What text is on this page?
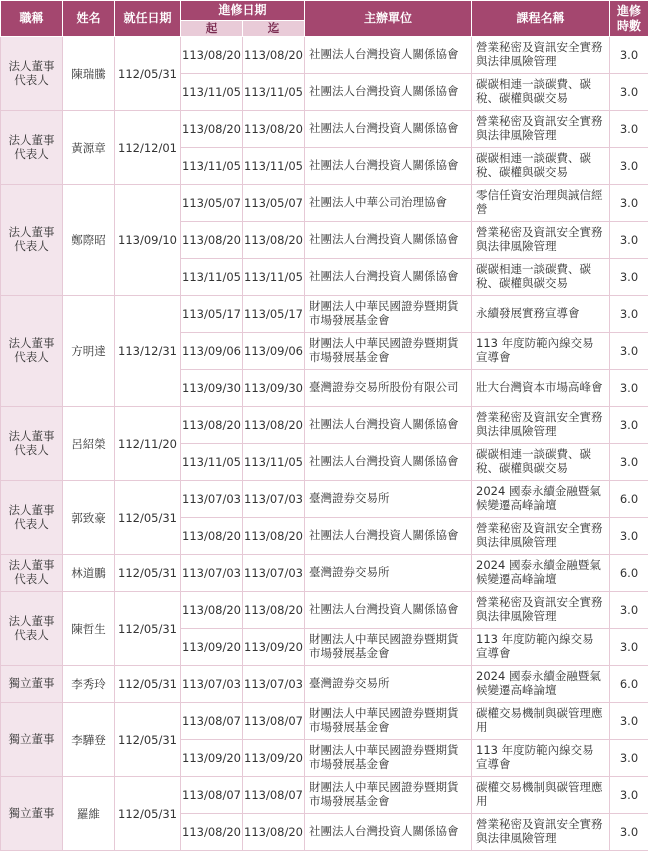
職稱	姓名	就任日期	進修日期		主辦單位	課程名稱	進修
時數
			起	迄			
法人董事
代表人	陳瑞騰	112/05/31	113/08/20	113/08/20	社團法人台灣投資人關係協會	營業秘密及資訊安全實務與法律風險管理	3.0
			113/11/05	113/11/05	社團法人台灣投資人關係協會	碳碳相連一談碳費、碳稅、碳權與碳交易	3.0
法人董事
代表人	黃源章	112/12/01	113/08/20	113/08/20	社團法人台灣投資人關係協會	營業秘密及資訊安全實務與法律風險管理	3.0
			113/11/05	113/11/05	社團法人台灣投資人關係協會	碳碳相連一談碳費、碳稅、碳權與碳交易	3.0
法人董事
代表人	鄭際昭	113/09/10	113/05/07	113/05/07	社團法人中華公司治理協會	零信任資安治理與誠信經營	3.0
			113/08/20	113/08/20	社團法人台灣投資人關係協會	營業秘密及資訊安全實務與法律風險管理	3.0
			113/11/05	113/11/05	社團法人台灣投資人關係協會	碳碳相連一談碳費、碳稅、碳權與碳交易	3.0
法人董事
代表人	方明達	113/12/31	113/05/17	113/05/17	財團法人中華民國證券暨期貨市場發展基金會	永續發展實務宣導會	3.0
			113/09/06	113/09/06	財團法人中華民國證券暨期貨市場發展基金會	113 年度防範內線交易宣導會	3.0
			113/09/30	113/09/30	臺灣證券交易所股份有限公司	壯大台灣資本市場高峰會	3.0
法人董事
代表人	呂紹榮	112/11/20	113/08/20	113/08/20	社團法人台灣投資人關係協會	營業秘密及資訊安全實務與法律風險管理	3.0
			113/11/05	113/11/05	社團法人台灣投資人關係協會	碳碳相連一談碳費、碳稅、碳權與碳交易	3.0
法人董事
代表人	郭致豪	112/05/31	113/07/03	113/07/03	臺灣證券交易所	2024 國泰永續金融暨氣候變遷高峰論壇	6.0
			113/08/20	113/08/20	社團法人台灣投資人關係協會	營業秘密及資訊安全實務與法律風險管理	3.0
法人董事
代表人	林道鵬	112/05/31	113/07/03	113/07/03	臺灣證券交易所	2024 國泰永續金融暨氣候變遷高峰論壇	6.0
法人董事
代表人	陳哲生	112/05/31	113/08/20	113/08/20	社團法人台灣投資人關係協會	營業秘密及資訊安全實務與法律風險管理	3.0
			113/09/20	113/09/20	財團法人中華民國證券暨期貨市場發展基金會	113 年度防範內線交易宣導會	3.0
獨立董事	李秀玲	112/05/31	113/07/03	113/07/03	臺灣證券交易所	2024 國泰永續金融暨氣候變遷高峰論壇	6.0
獨立董事	李驊登	112/05/31	113/08/07	113/08/07	財團法人中華民國證券暨期貨市場發展基金會	碳權交易機制與碳管理應用	3.0
			113/09/20	113/09/20	財團法人中華民國證券暨期貨市場發展基金會	113 年度防範內線交易宣導會	3.0
獨立董事	羅維	112/05/31	113/08/07	113/08/07	財團法人中華民國證券暨期貨市場發展基金會	碳權交易機制與碳管理應用	3.0
			113/08/20	113/08/20	社團法人台灣投資人關係協會	營業秘密及資訊安全實務與法律風險管理	3.0
